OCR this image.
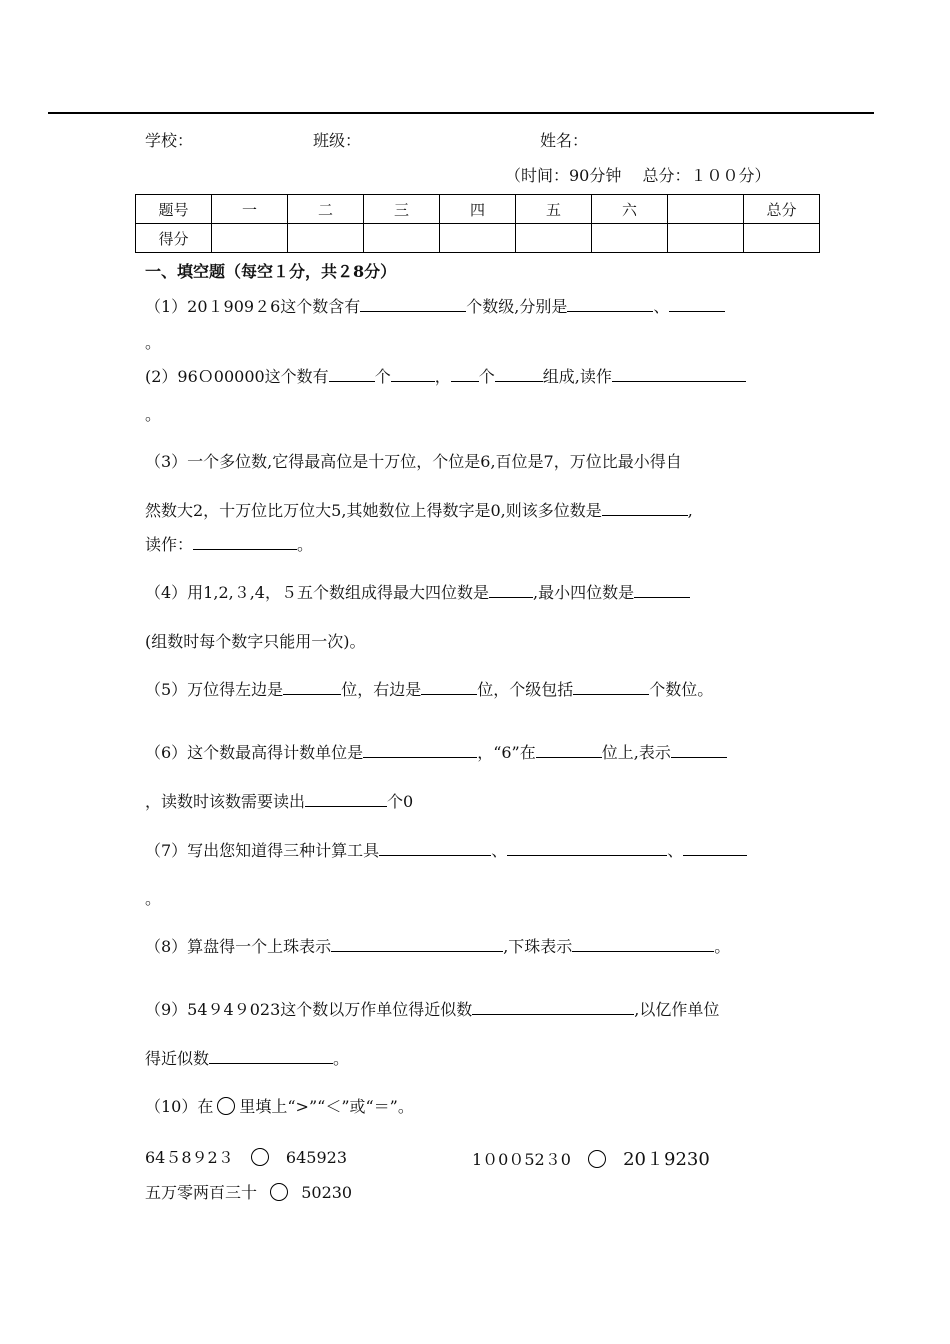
学校：	班级：	姓名：
（时间：90分钟　 总分：１００分）
题号	一	二	三	四	五	六		总分
得分								
一、填空题（每空１分，共２8分）
（1）20１909２6这个数含有	个数级,分别是	、
。
(2）96Ｏ00000这个数有	个	， 个	组成,读作
。
（3）一个多位数,它得最高位是十万位，个位是6,百位是7，万位比最小得自
然数大2，十万位比万位大5,其她数位上得数字是0,则该多位数是	,
读作：	。
（4）用1,2,３,4，５五个数组成得最大四位数是	,最小四位数是
(组数时每个数字只能用一次)。
（5）万位得左边是	位，右边是	位，个级包括	个数位。
（6）这个数最高得计数单位是	，“6”在	位上,表示
，读数时该数需要读出	个0
（7）写出您知道得三种计算工具	、	、
。
（8）算盘得一个上珠表示	,下珠表示	。
（9）54９4９023这个数以万作单位得近似数	,以亿作单位
得近似数	。
（10）在 里填上“>”“＜”或“＝”。
64５8９2３	645923	1０0０52３0	20１9230
五万零两百三十	50230
